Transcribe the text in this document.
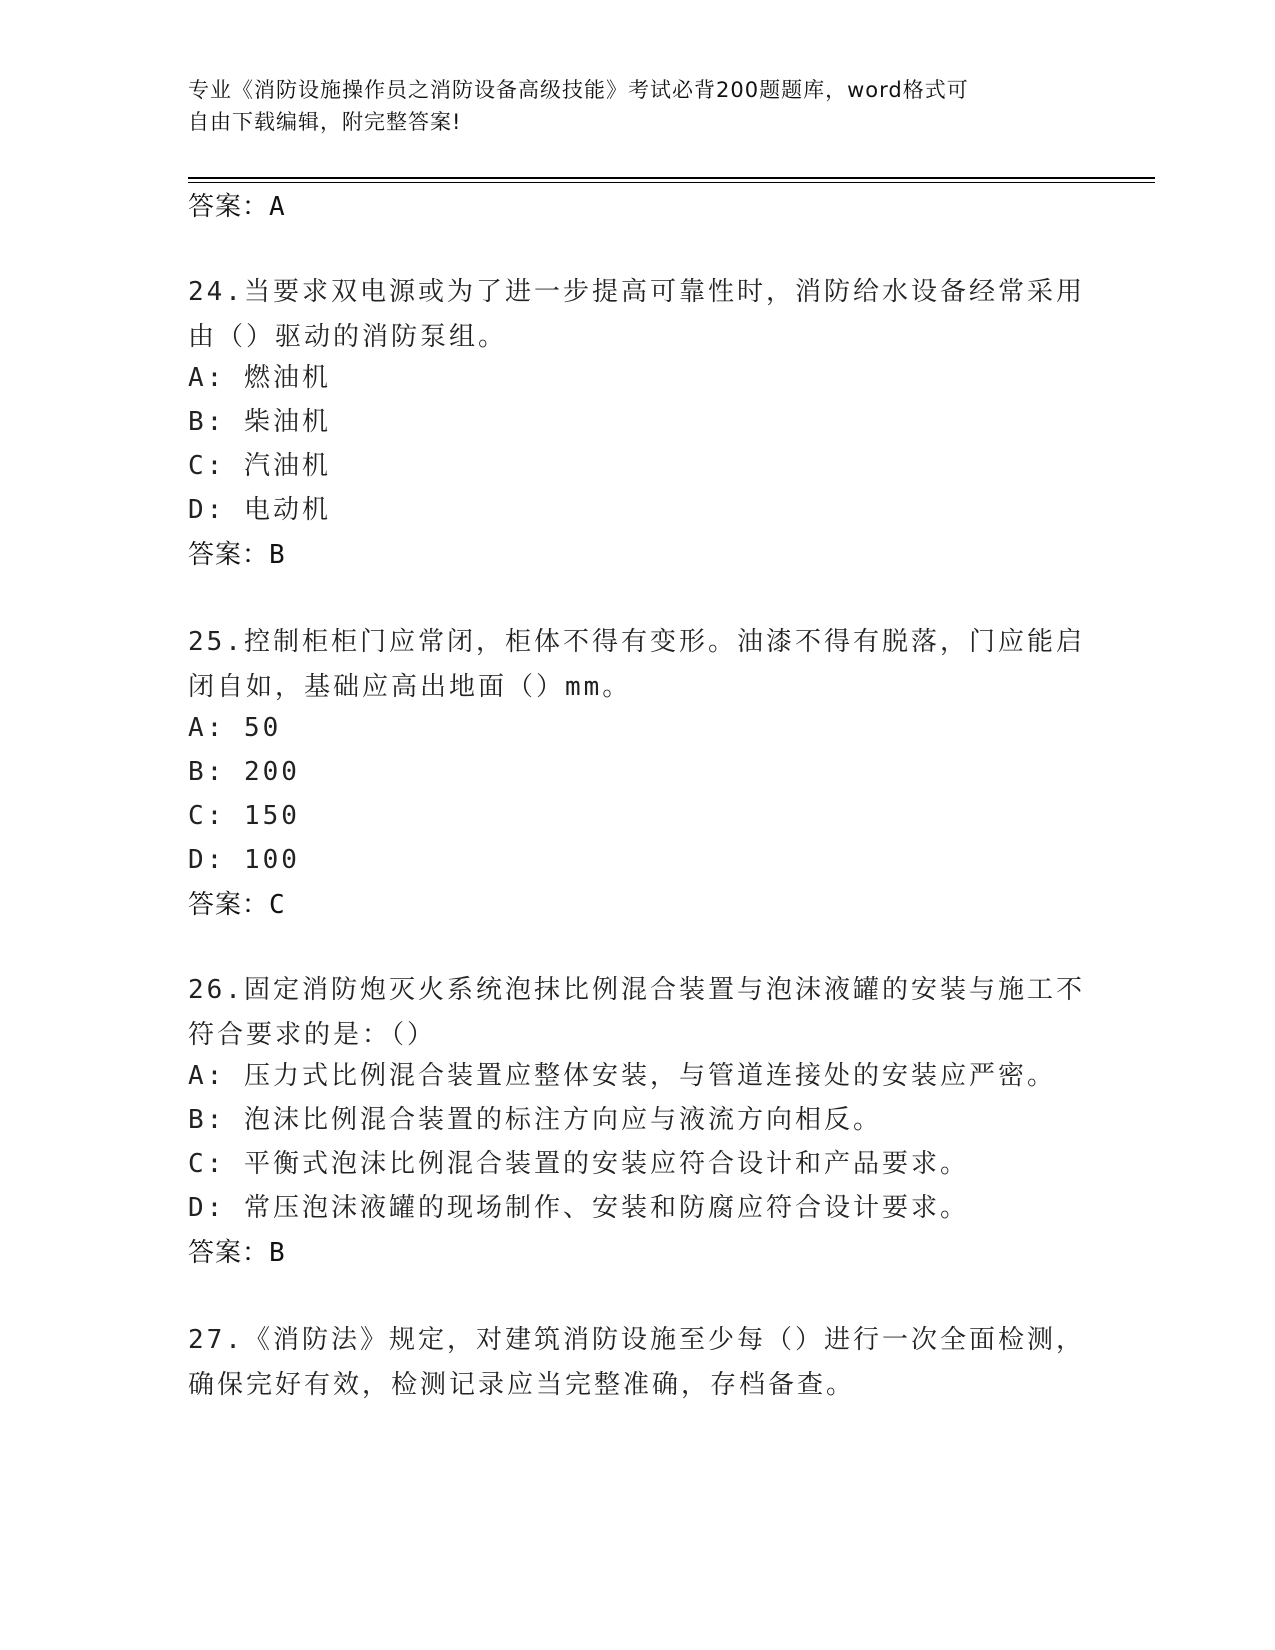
专业《消防设施操作员之消防设备高级技能》考试必背200题题库，word格式可
自由下载编辑，附完整答案!
答案：A
24.当要求双电源或为了进一步提高可靠性时，消防给水设备经常采用
由（）驱动的消防泵组。
A: 燃油机
B: 柴油机
C: 汽油机
D: 电动机
答案：B
25.控制柜柜门应常闭，柜体不得有变形。油漆不得有脱落，门应能启
闭自如，基础应高出地面（）mm。
A: 50
B: 200
C: 150
D: 100
答案：C
26.固定消防炮灭火系统泡抹比例混合装置与泡沫液罐的安装与施工不
符合要求的是：（）
A: 压力式比例混合装置应整体安装，与管道连接处的安装应严密。
B: 泡沫比例混合装置的标注方向应与液流方向相反。
C: 平衡式泡沫比例混合装置的安装应符合设计和产品要求。
D: 常压泡沫液罐的现场制作、安装和防腐应符合设计要求。
答案：B
27.《消防法》规定，对建筑消防设施至少每（）进行一次全面检测，
确保完好有效，检测记录应当完整准确，存档备查。
